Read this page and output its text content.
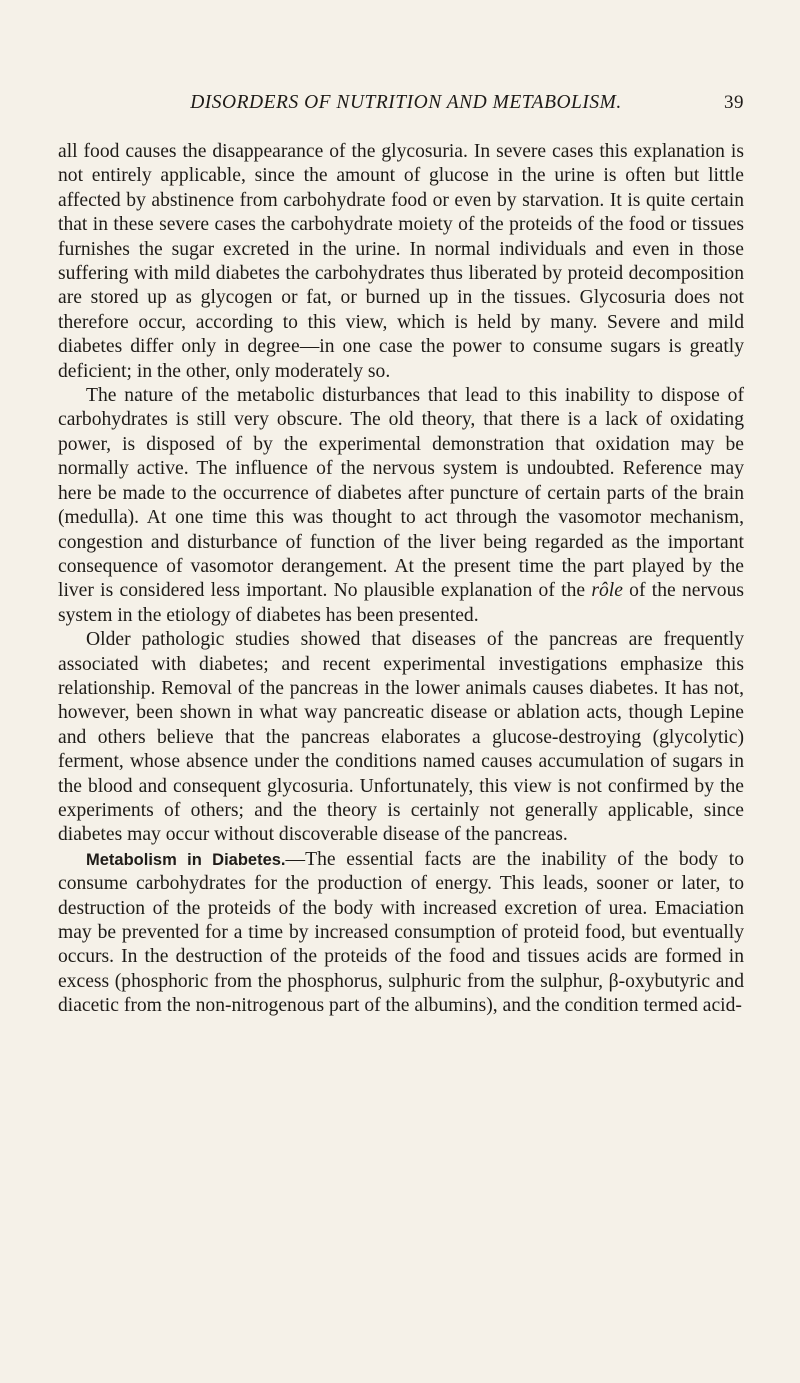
DISORDERS OF NUTRITION AND METABOLISM.	39

all food causes the disappearance of the glycosuria. In severe cases this explanation is not entirely applicable, since the amount of glucose in the urine is often but little affected by abstinence from carbohydrate food or even by starvation. It is quite certain that in these severe cases the carbohydrate moiety of the proteids of the food or tissues furnishes the sugar excreted in the urine. In normal individuals and even in those suffering with mild diabetes the carbohydrates thus liberated by proteid decomposition are stored up as glycogen or fat, or burned up in the tissues. Glycosuria does not therefore occur, according to this view, which is held by many. Severe and mild diabetes differ only in degree—in one case the power to consume sugars is greatly deficient; in the other, only moderately so.

The nature of the metabolic disturbances that lead to this inability to dispose of carbohydrates is still very obscure. The old theory, that there is a lack of oxidating power, is disposed of by the experimental demonstration that oxidation may be normally active. The influence of the nervous system is undoubted. Reference may here be made to the occurrence of diabetes after puncture of certain parts of the brain (medulla). At one time this was thought to act through the vasomotor mechanism, congestion and disturbance of function of the liver being regarded as the important consequence of vasomotor derangement. At the present time the part played by the liver is considered less important. No plausible explanation of the rôle of the nervous system in the etiology of diabetes has been presented.

Older pathologic studies showed that diseases of the pancreas are frequently associated with diabetes; and recent experimental investigations emphasize this relationship. Removal of the pancreas in the lower animals causes diabetes. It has not, however, been shown in what way pancreatic disease or ablation acts, though Lepine and others believe that the pancreas elaborates a glucose-destroying (glycolytic) ferment, whose absence under the conditions named causes accumulation of sugars in the blood and consequent glycosuria. Unfortunately, this view is not confirmed by the experiments of others; and the theory is certainly not generally applicable, since diabetes may occur without discoverable disease of the pancreas.

Metabolism in Diabetes.—The essential facts are the inability of the body to consume carbohydrates for the production of energy. This leads, sooner or later, to destruction of the proteids of the body with increased excretion of urea. Emaciation may be prevented for a time by increased consumption of proteid food, but eventually occurs. In the destruction of the proteids of the food and tissues acids are formed in excess (phosphoric from the phosphorus, sulphuric from the sulphur, β-oxybutyric and diacetic from the non-nitrogenous part of the albumins), and the condition termed acid-
